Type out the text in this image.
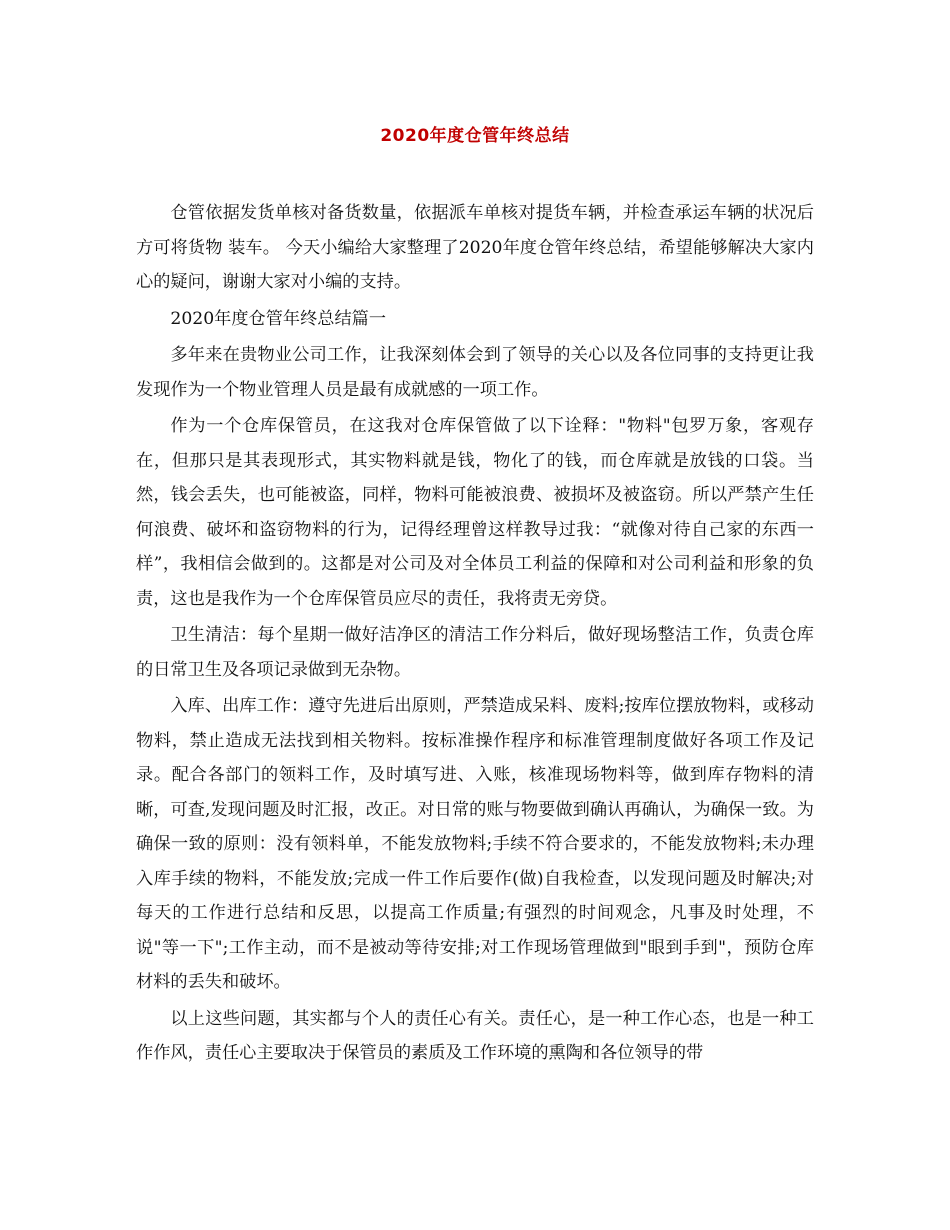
2020年度仓管年终总结

仓管依据发货单核对备货数量，依据派车单核对提货车辆，并检查承运车辆的状况后方可将货物 装车。 今天小编给大家整理了2020年度仓管年终总结，希望能够解决大家内心的疑问，谢谢大家对小编的支持。

2020年度仓管年终总结篇一

多年来在贵物业公司工作，让我深刻体会到了领导的关心以及各位同事的支持更让我发现作为一个物业管理人员是最有成就感的一项工作。

作为一个仓库保管员，在这我对仓库保管做了以下诠释："物料"包罗万象，客观存在，但那只是其表现形式，其实物料就是钱，物化了的钱，而仓库就是放钱的口袋。当然，钱会丢失，也可能被盗，同样，物料可能被浪费、被损坏及被盗窃。所以严禁产生任何浪费、破坏和盗窃物料的行为，记得经理曾这样教导过我：“就像对待自己家的东西一样”，我相信会做到的。这都是对公司及对全体员工利益的保障和对公司利益和形象的负责，这也是我作为一个仓库保管员应尽的责任，我将责无旁贷。

卫生清洁：每个星期一做好洁净区的清洁工作分料后，做好现场整洁工作，负责仓库的日常卫生及各项记录做到无杂物。

入库、出库工作：遵守先进后出原则，严禁造成呆料、废料;按库位摆放物料，或移动物料，禁止造成无法找到相关物料。按标准操作程序和标准管理制度做好各项工作及记录。配合各部门的领料工作，及时填写进、入账，核准现场物料等，做到库存物料的清晰，可查,发现问题及时汇报，改正。对日常的账与物要做到确认再确认，为确保一致。为确保一致的原则：没有领料单，不能发放物料;手续不符合要求的，不能发放物料;未办理入库手续的物料，不能发放;完成一件工作后要作(做)自我检查，以发现问题及时解决;对每天的工作进行总结和反思，以提高工作质量;有强烈的时间观念，凡事及时处理，不说"等一下";工作主动，而不是被动等待安排;对工作现场管理做到"眼到手到"，预防仓库材料的丢失和破坏。

以上这些问题，其实都与个人的责任心有关。责任心，是一种工作心态，也是一种工作作风，责任心主要取决于保管员的素质及工作环境的熏陶和各位领导的带
